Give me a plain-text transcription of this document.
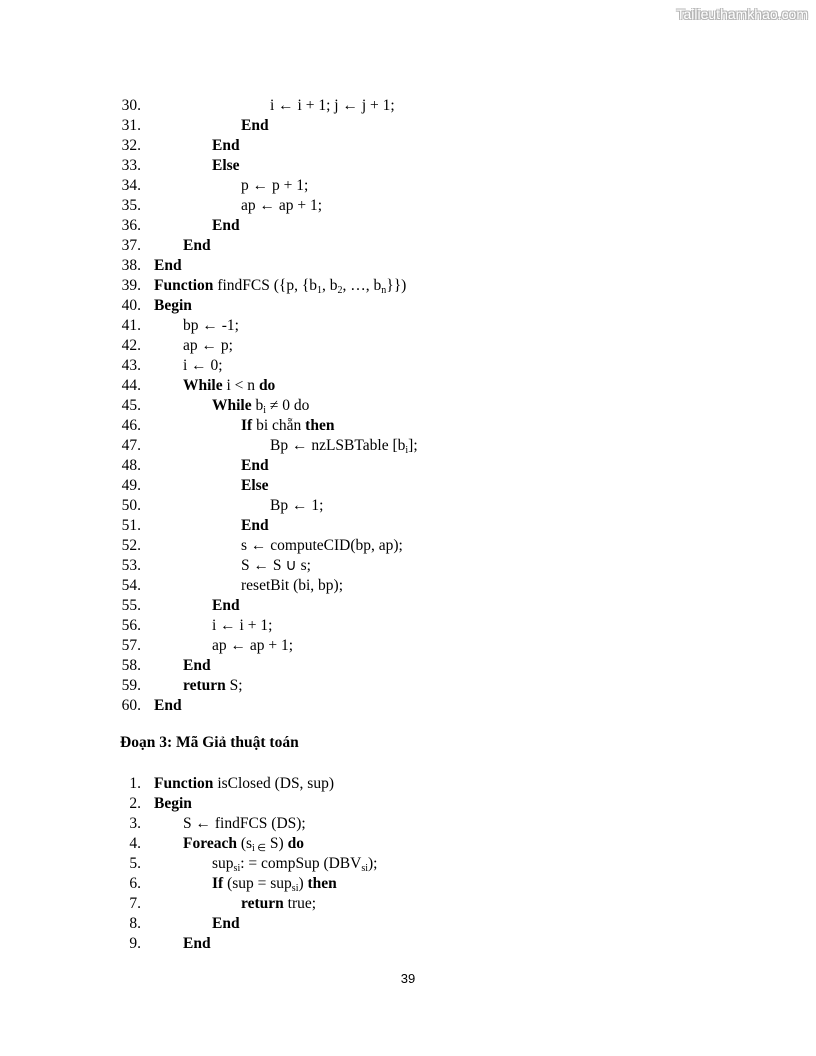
Tailieuthamkhao.com
30.	i ← i + 1; j ← j + 1;
31.	End
32.	End
33.	Else
34.	p ← p + 1;
35.	ap ← ap + 1;
36.	End
37.	End
38. End
39. Function findFCS ({p, {$b_1$, $b_2$, …, $b_n$}})
40. Begin
41.	bp ← -1;
42.	ap ← p;
43.	i ← 0;
44.	While i < n do
45.	While $b_i \ne 0$ do
46.	If bi chẵn then
47.	Bp ← nzLSBTable $[b_i]$;
48.	End
49.	Else
50.	Bp ← 1;
51.	End
52.	s ← computeCID(bp, ap);
53.	S ← S ∪ s;
54.	resetBit (bi, bp);
55.	End
56.	i ← i + 1;
57.	ap ← ap + 1;
58.	End
59.	return S;
60. End
Đoạn 3: Mã Giả thuật toán
1. Function isClosed (DS, sup)
2. Begin
3.	S ← findFCS (DS);
4.	Foreach ($s_{i \in}$ S) do
5.	sup$_{si}$: = compSup $(DBV_{si})$;
6.	If (sup = sup$_{si}$) then
7.	return true;
8.	End
9.	End
39
